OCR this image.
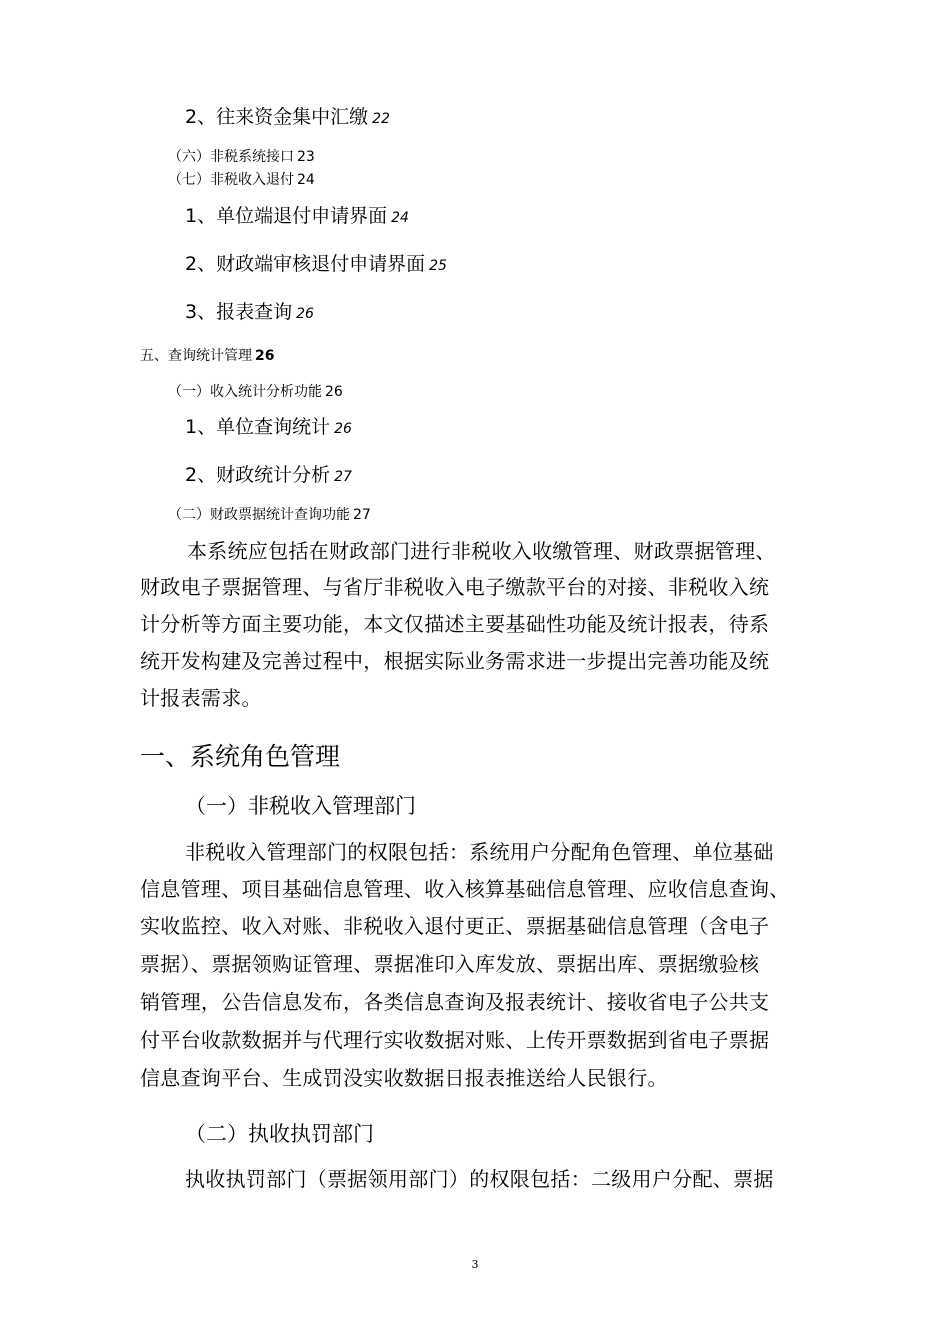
2、往来资金集中汇缴 22
（六）非税系统接口 23
（七）非税收入退付 24
1、单位端退付申请界面 24
2、财政端审核退付申请界面 25
3、报表查询 26
五、查询统计管理 26
（一）收入统计分析功能 26
1、单位查询统计 26
2、财政统计分析 27
（二）财政票据统计查询功能 27
本系统应包括在财政部门进行非税收入收缴管理、财政票据管理、
财政电子票据管理、与省厅非税收入电子缴款平台的对接、非税收入统
计分析等方面主要功能，本文仅描述主要基础性功能及统计报表，待系
统开发构建及完善过程中，根据实际业务需求进一步提出完善功能及统
计报表需求。
一、系统角色管理
（一）非税收入管理部门
非税收入管理部门的权限包括：系统用户分配角色管理、单位基础
信息管理、项目基础信息管理、收入核算基础信息管理、应收信息查询、
实收监控、收入对账、非税收入退付更正、票据基础信息管理（含电子
票据）、票据领购证管理、票据准印入库发放、票据出库、票据缴验核
销管理，公告信息发布，各类信息查询及报表统计、接收省电子公共支
付平台收款数据并与代理行实收数据对账、上传开票数据到省电子票据
信息查询平台、生成罚没实收数据日报表推送给人民银行。
（二）执收执罚部门
执收执罚部门（票据领用部门）的权限包括：二级用户分配、票据
3
